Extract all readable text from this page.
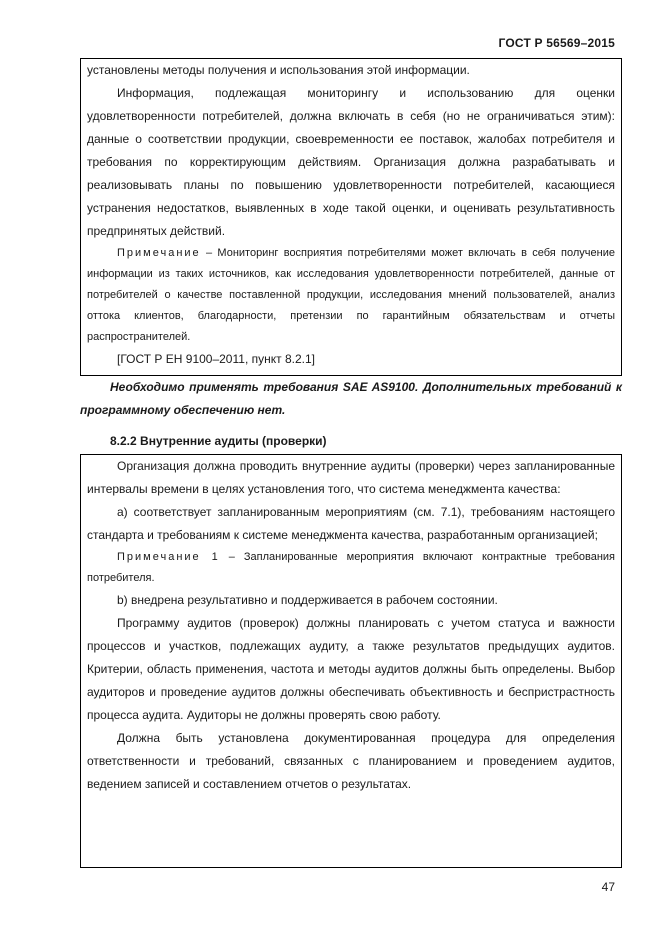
ГОСТ Р 56569–2015

установлены методы получения и использования этой информации.

Информация, подлежащая мониторингу и использованию для оценки удовлетворенности потребителей, должна включать в себя (но не ограничиваться этим): данные о соответствии продукции, своевременности ее поставок, жалобах потребителя и требования по корректирующим действиям. Организация должна разрабатывать и реализовывать планы по повышению удовлетворенности потребителей, касающиеся устранения недостатков, выявленных в ходе такой оценки, и оценивать результативность предпринятых действий.

Примечание – Мониторинг восприятия потребителями может включать в себя получение информации из таких источников, как исследования удовлетворенности потребителей, данные от потребителей о качестве поставленной продукции, исследования мнений пользователей, анализ оттока клиентов, благодарности, претензии по гарантийным обязательствам и отчеты распространителей.

[ГОСТ Р ЕН 9100–2011, пункт 8.2.1]

Необходимо применять требования SAE AS9100. Дополнительных требований к программному обеспечению нет.

8.2.2 Внутренние аудиты (проверки)

Организация должна проводить внутренние аудиты (проверки) через запланированные интервалы времени в целях установления того, что система менеджмента качества:

а) соответствует запланированным мероприятиям (см. 7.1), требованиям настоящего стандарта и требованиям к системе менеджмента качества, разработанным организацией;

Примечание 1 – Запланированные мероприятия включают контрактные требования потребителя.

b) внедрена результативно и поддерживается в рабочем состоянии.

Программу аудитов (проверок) должны планировать с учетом статуса и важности процессов и участков, подлежащих аудиту, а также результатов предыдущих аудитов. Критерии, область применения, частота и методы аудитов должны быть определены. Выбор аудиторов и проведение аудитов должны обеспечивать объективность и беспристрастность процесса аудита. Аудиторы не должны проверять свою работу.

Должна быть установлена документированная процедура для определения ответственности и требований, связанных с планированием и проведением аудитов, ведением записей и составлением отчетов о результатах.

47
